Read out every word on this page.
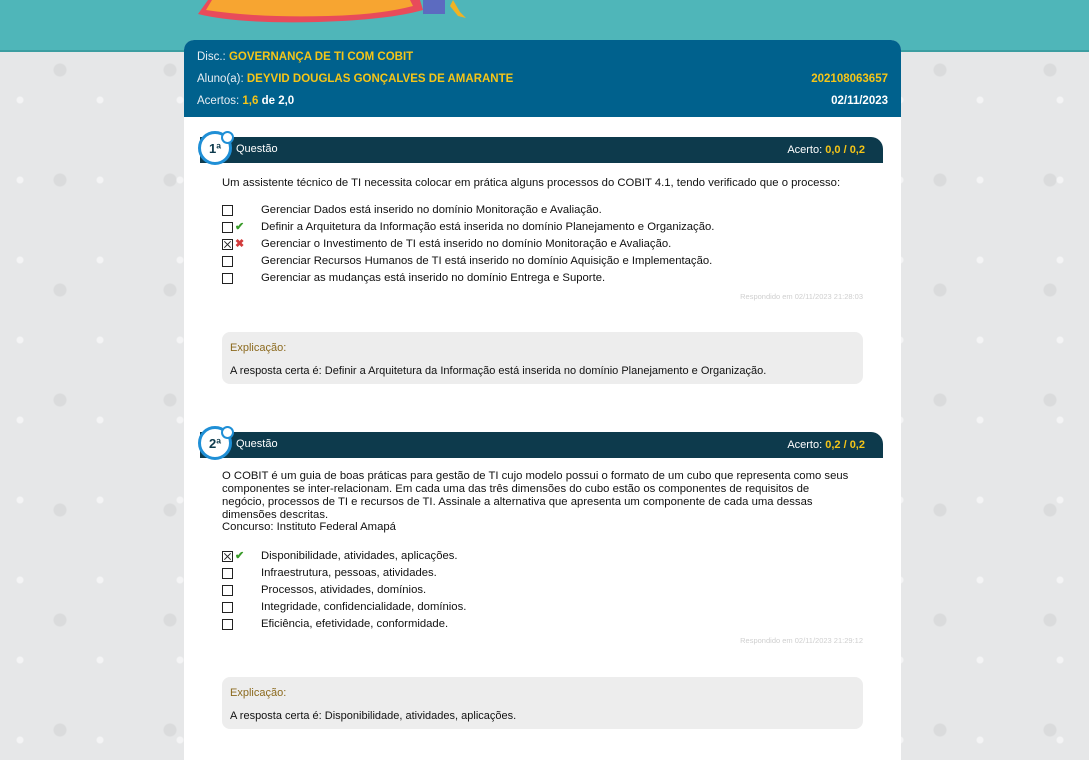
Disc.: GOVERNANÇA DE TI COM COBIT
Aluno(a): DEYVID DOUGLAS GONÇALVES DE AMARANTE	202108063657
Acertos: 1,6 de 2,0	02/11/2023
Questão	Acerto: 0,0 / 0,2
1ª
Um assistente técnico de TI necessita colocar em prática alguns processos do COBIT 4.1, tendo verificado que o processo:
Gerenciar Dados está inserido no domínio Monitoração e Avaliação.
✔ Definir a Arquitetura da Informação está inserida no domínio Planejamento e Organização.
✖ Gerenciar o Investimento de TI está inserido no domínio Monitoração e Avaliação.
Gerenciar Recursos Humanos de TI está inserido no domínio Aquisição e Implementação.
Gerenciar as mudanças está inserido no domínio Entrega e Suporte.
Respondido em 02/11/2023 21:28:03
Explicação:
A resposta certa é: Definir a Arquitetura da Informação está inserida no domínio Planejamento e Organização.
Questão	Acerto: 0,2 / 0,2
2ª
O COBIT é um guia de boas práticas para gestão de TI cujo modelo possui o formato de um cubo que representa como seus componentes se inter-relacionam. Em cada uma das três dimensões do cubo estão os componentes de requisitos de negócio, processos de TI e recursos de TI. Assinale a alternativa que apresenta um componente de cada uma dessas dimensões descritas.
Concurso: Instituto Federal Amapá
✔ Disponibilidade, atividades, aplicações.
Infraestrutura, pessoas, atividades.
Processos, atividades, domínios.
Integridade, confidencialidade, domínios.
Eficiência, efetividade, conformidade.
Respondido em 02/11/2023 21:29:12
Explicação:
A resposta certa é: Disponibilidade, atividades, aplicações.
